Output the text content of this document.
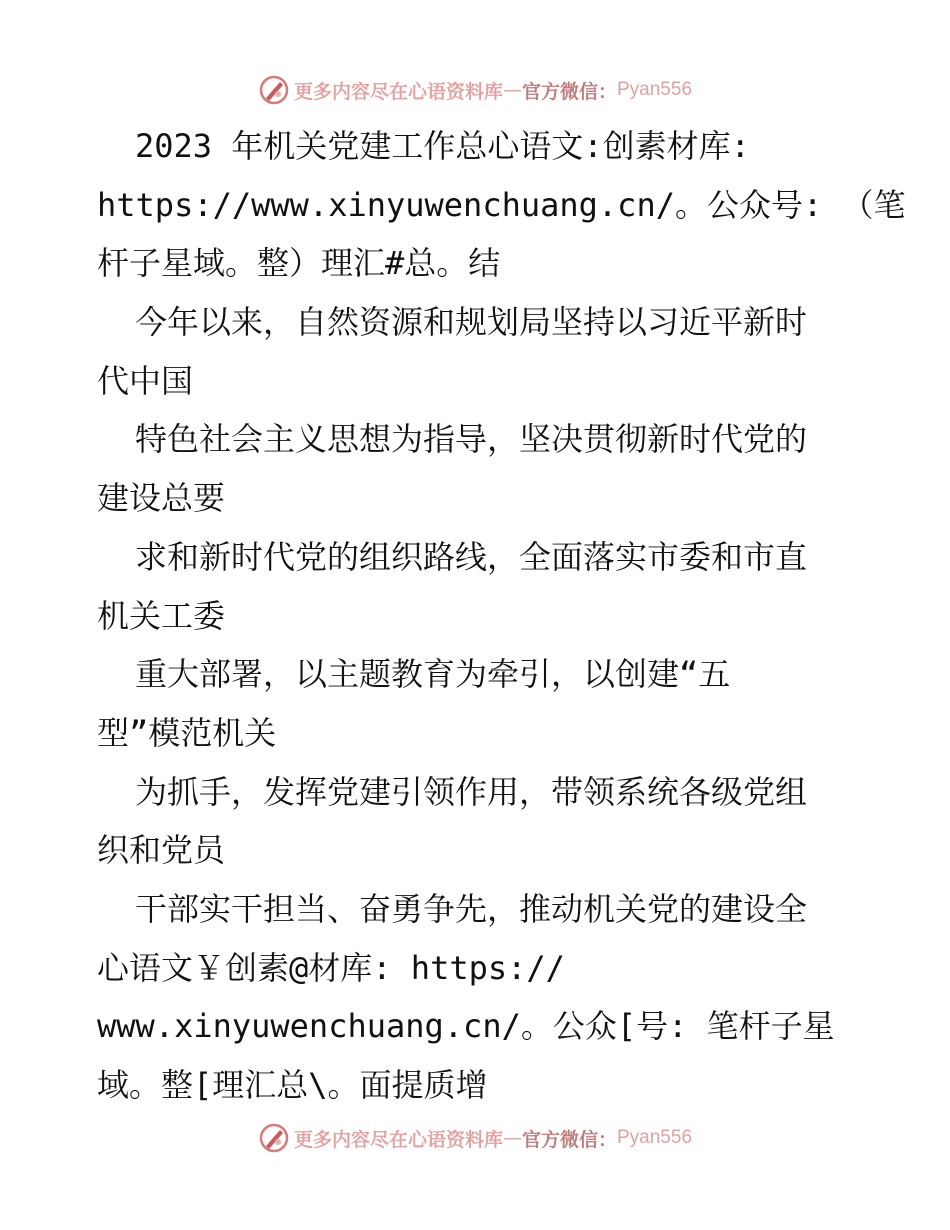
更多内容尽在心语资料库 — 官方微信： Pyan556
2023 年机关党建工作总心语文:创素材库:
https://www.xinyuwenchuang.cn/。公众号: （笔
杆子星域。整）理汇#总。结
今年以来，自然资源和规划局坚持以习近平新时
代中国
特色社会主义思想为指导，坚决贯彻新时代党的
建设总要
求和新时代党的组织路线，全面落实市委和市直
机关工委
重大部署，以主题教育为牵引，以创建“五
型”模范机关
为抓手，发挥党建引领作用，带领系统各级党组
织和党员
干部实干担当、奋勇争先，推动机关党的建设全
心语文￥创素@材库: https://
www.xinyuwenchuang.cn/。公众[号: 笔杆子星
域。整[理汇总\。面提质增
更多内容尽在心语资料库 — 官方微信： Pyan556
